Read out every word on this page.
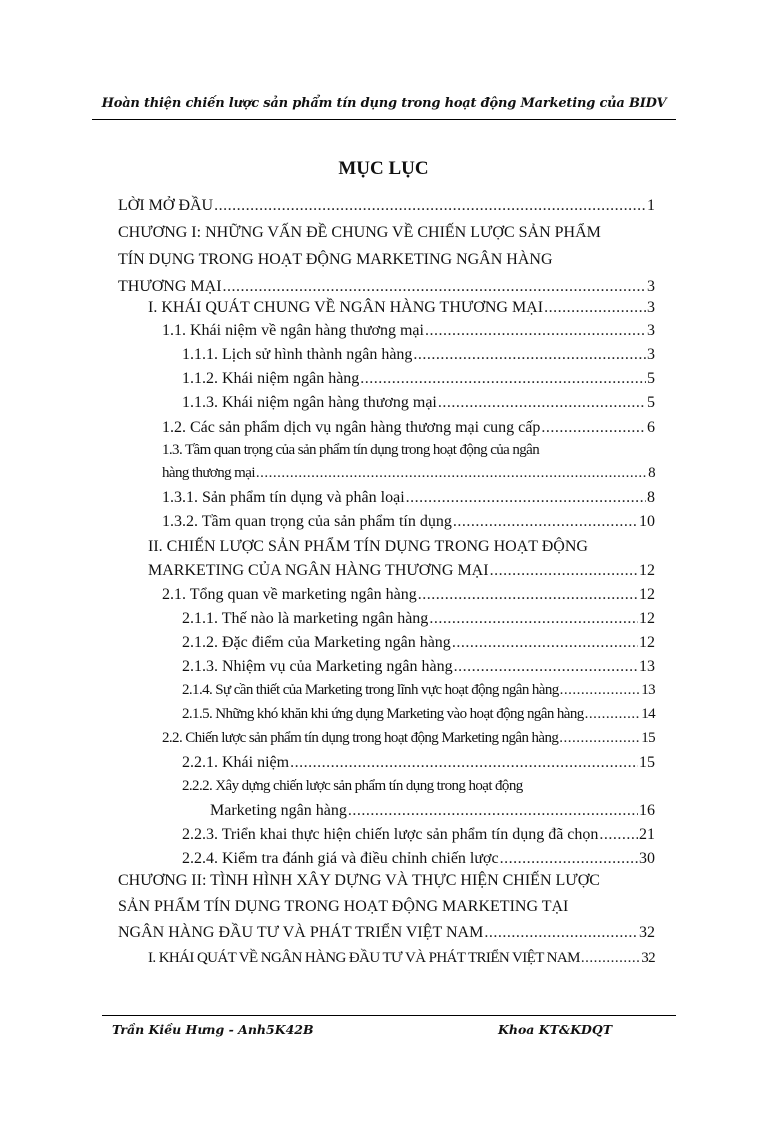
Hoàn thiện chiến lược sản phẩm tín dụng trong hoạt động Marketing của BIDV
MỤC LỤC
LỜI MỞ ĐẦU .....	1
CHƯƠNG I: NHỮNG VẤN ĐỀ CHUNG VỀ CHIẾN LƯỢC SẢN PHẨM
TÍN DỤNG TRONG HOẠT ĐỘNG MARKETING NGÂN HÀNG
THƯƠNG MẠI .....	3
I. KHÁI QUÁT CHUNG VỀ NGÂN HÀNG THƯƠNG MẠI .....	3
1.1. Khái niệm về ngân hàng thương mại .....	3
1.1.1. Lịch sử hình thành ngân hàng .....	3
1.1.2. Khái niệm ngân hàng .....	5
1.1.3. Khái niệm ngân hàng thương mại .....	5
1.2. Các sản phẩm dịch vụ ngân hàng thương mại cung cấp .....	6
1.3. Tầm quan trọng của sản phẩm tín dụng trong hoạt động của ngân
hàng thương mại .....	8
1.3.1. Sản phẩm tín dụng và phân loại .....	8
1.3.2. Tầm quan trọng của sản phẩm tín dụng .....	10
II. CHIẾN LƯỢC SẢN PHẨM TÍN DỤNG TRONG HOẠT ĐỘNG
MARKETING CỦA NGÂN HÀNG THƯƠNG MẠI .....	12
2.1. Tổng quan về marketing ngân hàng .....	12
2.1.1. Thế nào là marketing ngân hàng .....	12
2.1.2. Đặc điểm của Marketing ngân hàng .....	12
2.1.3. Nhiệm vụ của Marketing ngân hàng .....	13
2.1.4. Sự cần thiết của Marketing trong lĩnh vực hoạt động ngân hàng .....	13
2.1.5. Những khó khăn khi ứng dụng Marketing vào hoạt động ngân hàng .....	14
2.2. Chiến lược sản phẩm tín dụng trong hoạt động Marketing ngân hàng .....	15
2.2.1. Khái niệm .....	15
2.2.2. Xây dựng chiến lược sản phẩm tín dụng trong hoạt động
Marketing ngân hàng .....	16
2.2.3. Triển khai thực hiện chiến lược sản phẩm tín dụng đã chọn .....	21
2.2.4. Kiểm tra đánh giá và điều chỉnh chiến lược .....	30
CHƯƠNG II: TÌNH HÌNH XÂY DỰNG VÀ THỰC HIỆN CHIẾN LƯỢC
SẢN PHẨM TÍN DỤNG TRONG HOẠT ĐỘNG MARKETING TẠI
NGÂN HÀNG ĐẦU TƯ VÀ PHÁT TRIỂN VIỆT NAM .....	32
I. KHÁI QUÁT VỀ NGÂN HÀNG ĐẦU TƯ VÀ PHÁT TRIỂN VIỆT NAM .....	32
Trần Kiều Hưng - Anh5K42B	Khoa KT&KDQT
